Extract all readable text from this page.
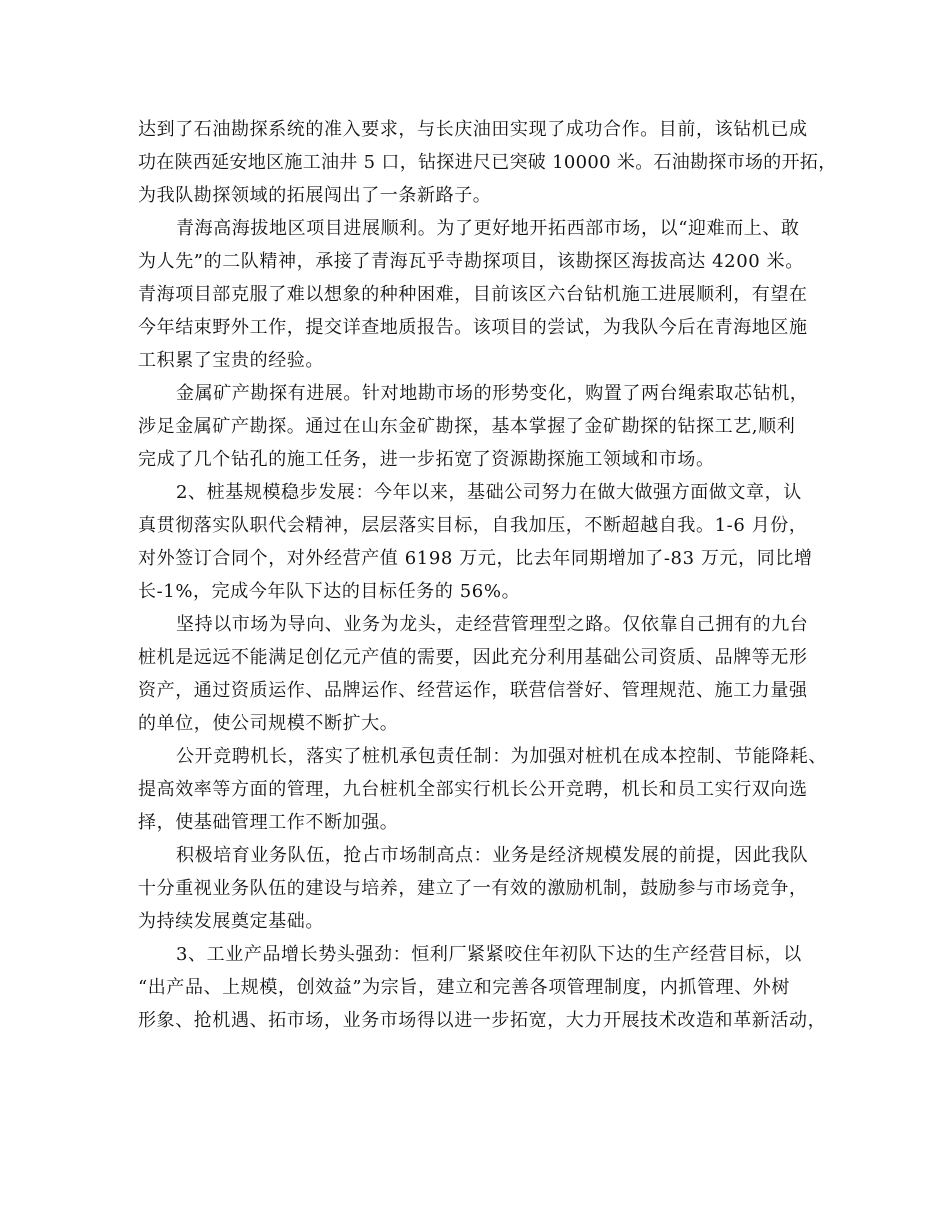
达到了石油勘探系统的准入要求，与长庆油田实现了成功合作。目前，该钻机已成
功在陕西延安地区施工油井 5 口，钻探进尺已突破 10000 米。石油勘探市场的开拓，
为我队勘探领域的拓展闯出了一条新路子。
青海高海拔地区项目进展顺利。为了更好地开拓西部市场，以“迎难而上、敢
为人先”的二队精神，承接了青海瓦乎寺勘探项目，该勘探区海拔高达 4200 米。
青海项目部克服了难以想象的种种困难，目前该区六台钻机施工进展顺利，有望在
今年结束野外工作，提交详查地质报告。该项目的尝试，为我队今后在青海地区施
工积累了宝贵的经验。
金属矿产勘探有进展。针对地勘市场的形势变化，购置了两台绳索取芯钻机，
涉足金属矿产勘探。通过在山东金矿勘探，基本掌握了金矿勘探的钻探工艺,顺利
完成了几个钻孔的施工任务，进一步拓宽了资源勘探施工领域和市场。
2、桩基规模稳步发展：今年以来，基础公司努力在做大做强方面做文章，认
真贯彻落实队职代会精神，层层落实目标，自我加压，不断超越自我。1-6 月份，
对外签订合同个，对外经营产值 6198 万元，比去年同期增加了-83 万元，同比增
长-1%，完成今年队下达的目标任务的 56%。
坚持以市场为导向、业务为龙头，走经营管理型之路。仅依靠自己拥有的九台
桩机是远远不能满足创亿元产值的需要，因此充分利用基础公司资质、品牌等无形
资产，通过资质运作、品牌运作、经营运作，联营信誉好、管理规范、施工力量强
的单位，使公司规模不断扩大。
公开竞聘机长，落实了桩机承包责任制：为加强对桩机在成本控制、节能降耗、
提高效率等方面的管理，九台桩机全部实行机长公开竞聘，机长和员工实行双向选
择，使基础管理工作不断加强。
积极培育业务队伍，抢占市场制高点：业务是经济规模发展的前提，因此我队
十分重视业务队伍的建设与培养，建立了一有效的激励机制，鼓励参与市场竞争，
为持续发展奠定基础。
3、工业产品增长势头强劲：恒利厂紧紧咬住年初队下达的生产经营目标，以
“出产品、上规模，创效益”为宗旨，建立和完善各项管理制度，内抓管理、外树
形象、抢机遇、拓市场，业务市场得以进一步拓宽，大力开展技术改造和革新活动，
